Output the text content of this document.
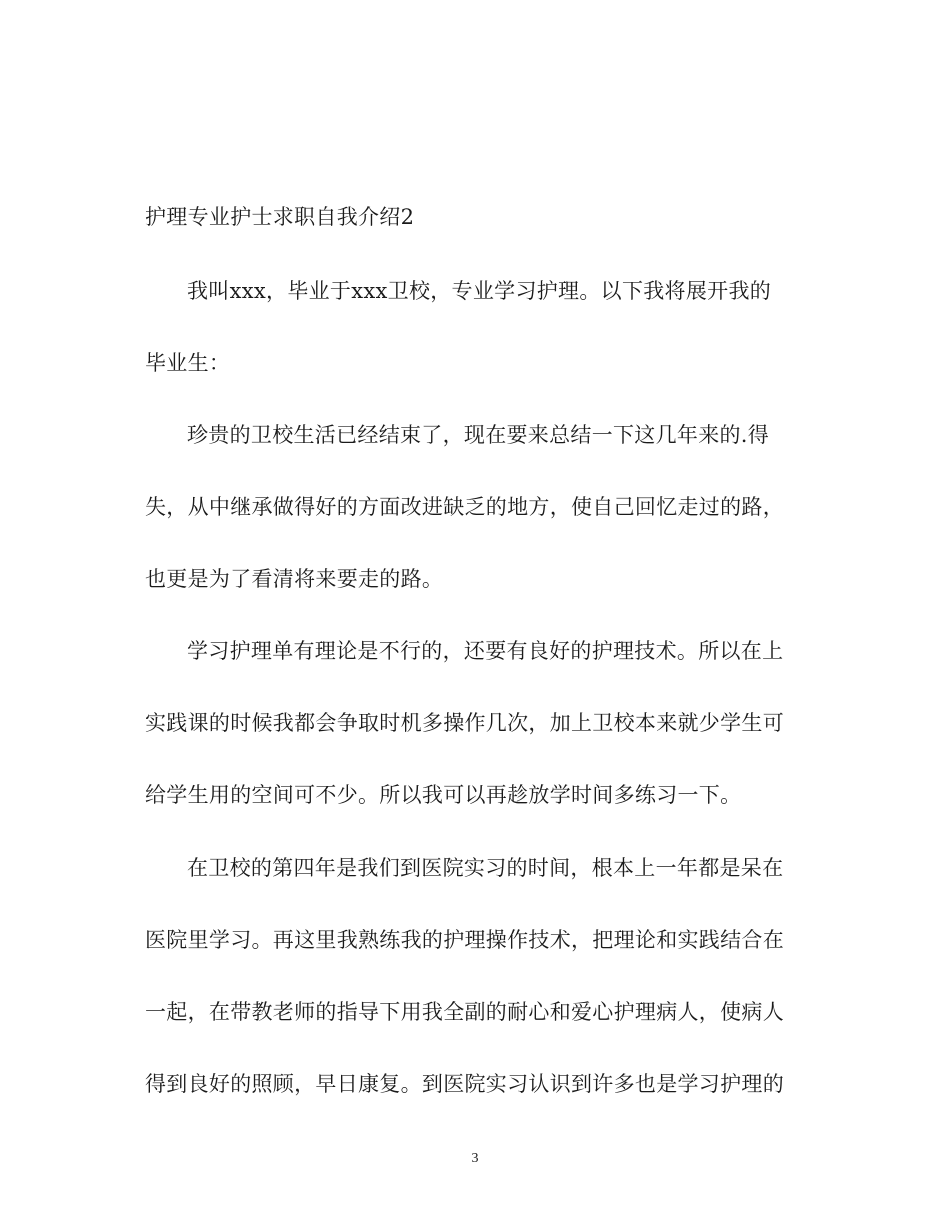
护理专业护士求职自我介绍2
我叫xxx，毕业于xxx卫校，专业学习护理。以下我将展开我的
毕业生：
珍贵的卫校生活已经结束了，现在要来总结一下这几年来的.得
失，从中继承做得好的方面改进缺乏的地方，使自己回忆走过的路，
也更是为了看清将来要走的路。
学习护理单有理论是不行的，还要有良好的护理技术。所以在上
实践课的时候我都会争取时机多操作几次，加上卫校本来就少学生可
给学生用的空间可不少。所以我可以再趁放学时间多练习一下。
在卫校的第四年是我们到医院实习的时间，根本上一年都是呆在
医院里学习。再这里我熟练我的护理操作技术，把理论和实践结合在
一起，在带教老师的指导下用我全副的耐心和爱心护理病人，使病人
得到良好的照顾，早日康复。到医院实习认识到许多也是学习护理的
3
